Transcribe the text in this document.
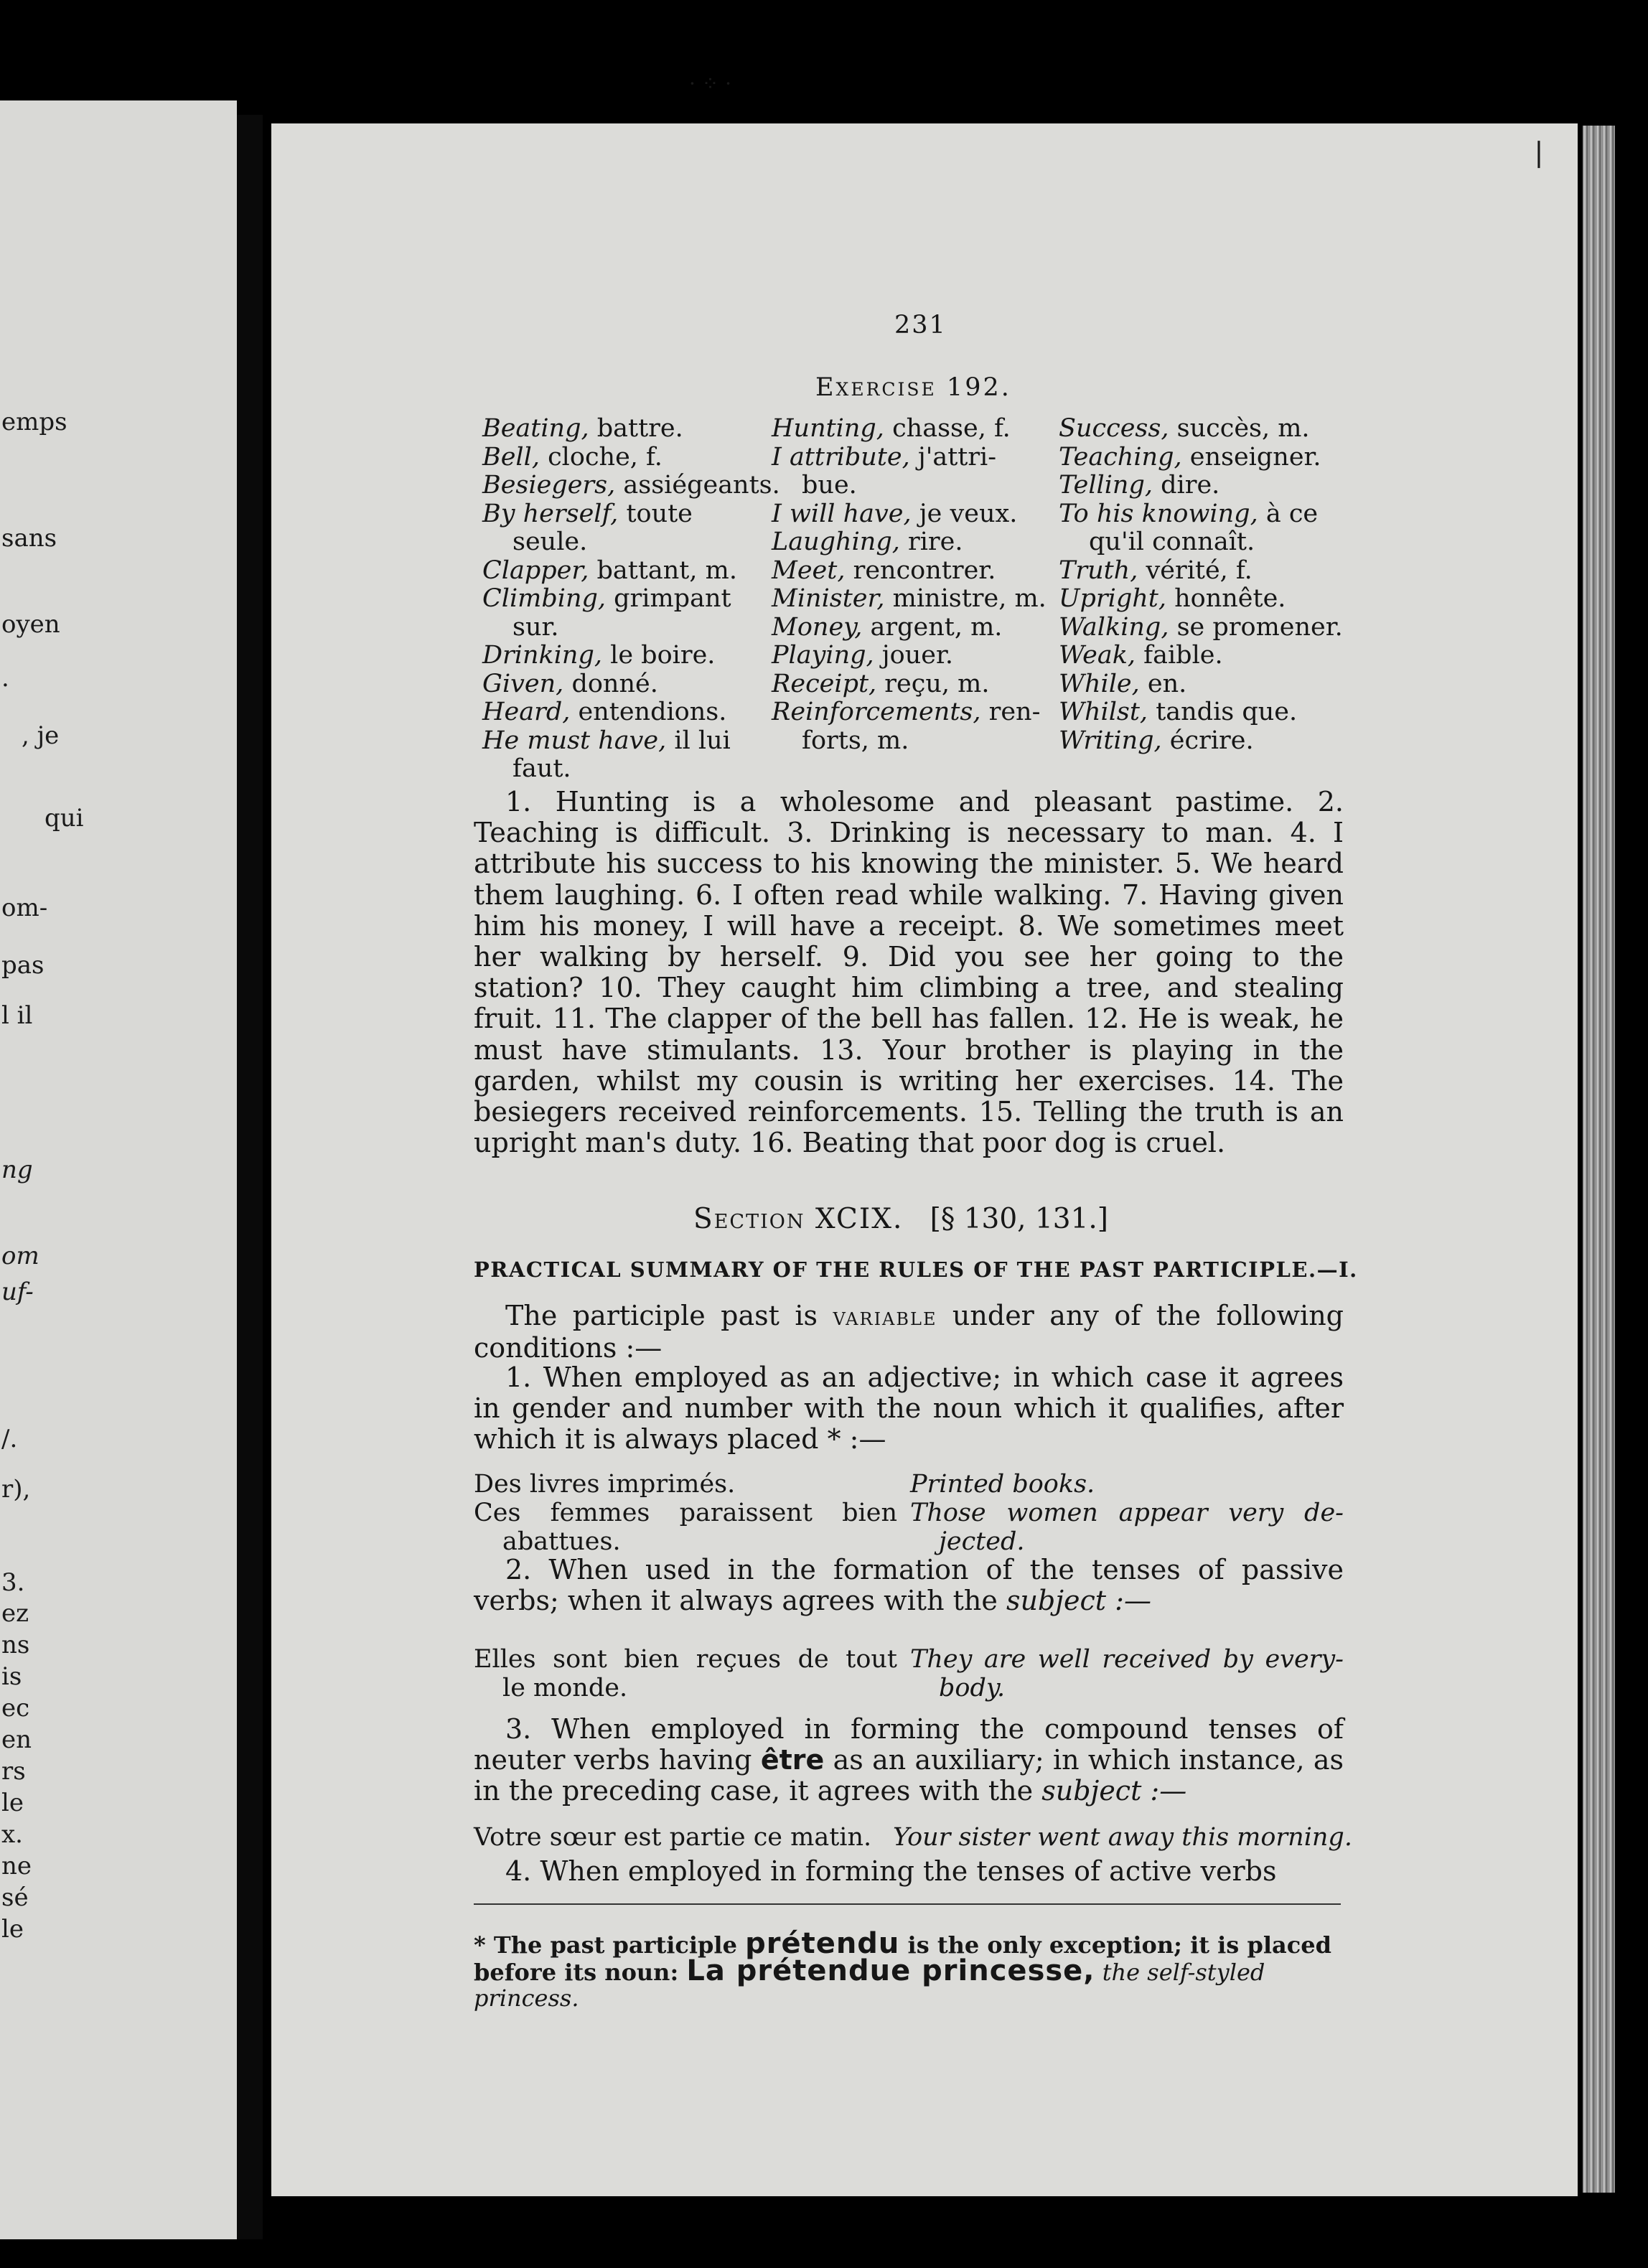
emps
sans
oyen
.
, je
qui
om-
pas
l il
ng
om
uf-
/.
r),
3.
ez
ns
is
ec
en
rs
le
x.
ne
sé
le
· ⁘ ·
❘
231
Exercise 192.
Beating, battre.
Bell, cloche, f.
Besiegers, assiégeants.
By herself, toute
seule.
Clapper, battant, m.
Climbing, grimpant
sur.
Drinking, le boire.
Given, donné.
Heard, entendions.
He must have, il lui
faut.
Hunting, chasse, f.
I attribute, j'attri-
bue.
I will have, je veux.
Laughing, rire.
Meet, rencontrer.
Minister, ministre, m.
Money, argent, m.
Playing, jouer.
Receipt, reçu, m.
Reinforcements, ren-
forts, m.
Success, succès, m.
Teaching, enseigner.
Telling, dire.
To his knowing, à ce
qu'il connaît.
Truth, vérité, f.
Upright, honnête.
Walking, se promener.
Weak, faible.
While, en.
Whilst, tandis que.
Writing, écrire.
1. Hunting is a wholesome and pleasant pastime. 2. Teaching is difficult. 3. Drinking is necessary to man. 4. I attribute his success to his knowing the minister. 5. We heard them laughing. 6. I often read while walking. 7. Having given him his money, I will have a receipt. 8. We sometimes meet her walking by herself. 9. Did you see her going to the station? 10. They caught him climbing a tree, and stealing fruit. 11. The clapper of the bell has fallen. 12. He is weak, he must have stimulants. 13. Your brother is playing in the garden, whilst my cousin is writing her exercises. 14. The besiegers received reinforcements. 15. Telling the truth is an upright man's duty. 16. Beating that poor dog is cruel.
Section XCIX. [§ 130, 131.]
PRACTICAL SUMMARY OF THE RULES OF THE PAST PARTICIPLE.—I.
The participle past is variable under any of the following conditions :—
1. When employed as an adjective; in which case it agrees in gender and number with the noun which it qualifies, after which it is always placed * :—
Des livres imprimés.
Ces femmes paraissent bien
abattues.
Printed books.
Those women appear very de-
jected.
2. When used in the formation of the tenses of passive verbs; when it always agrees with the subject :—
Elles sont bien reçues de tout
le monde.
They are well received by every-
body.
3. When employed in forming the compound tenses of neuter verbs having être as an auxiliary; in which instance, as in the preceding case, it agrees with the subject :—
Votre sœur est partie ce matin. Your sister went away this morning.
4. When employed in forming the tenses of active verbs
* The past participle prétendu is the only exception; it is placed before its noun: La prétendue princesse, the self-styled princess.
